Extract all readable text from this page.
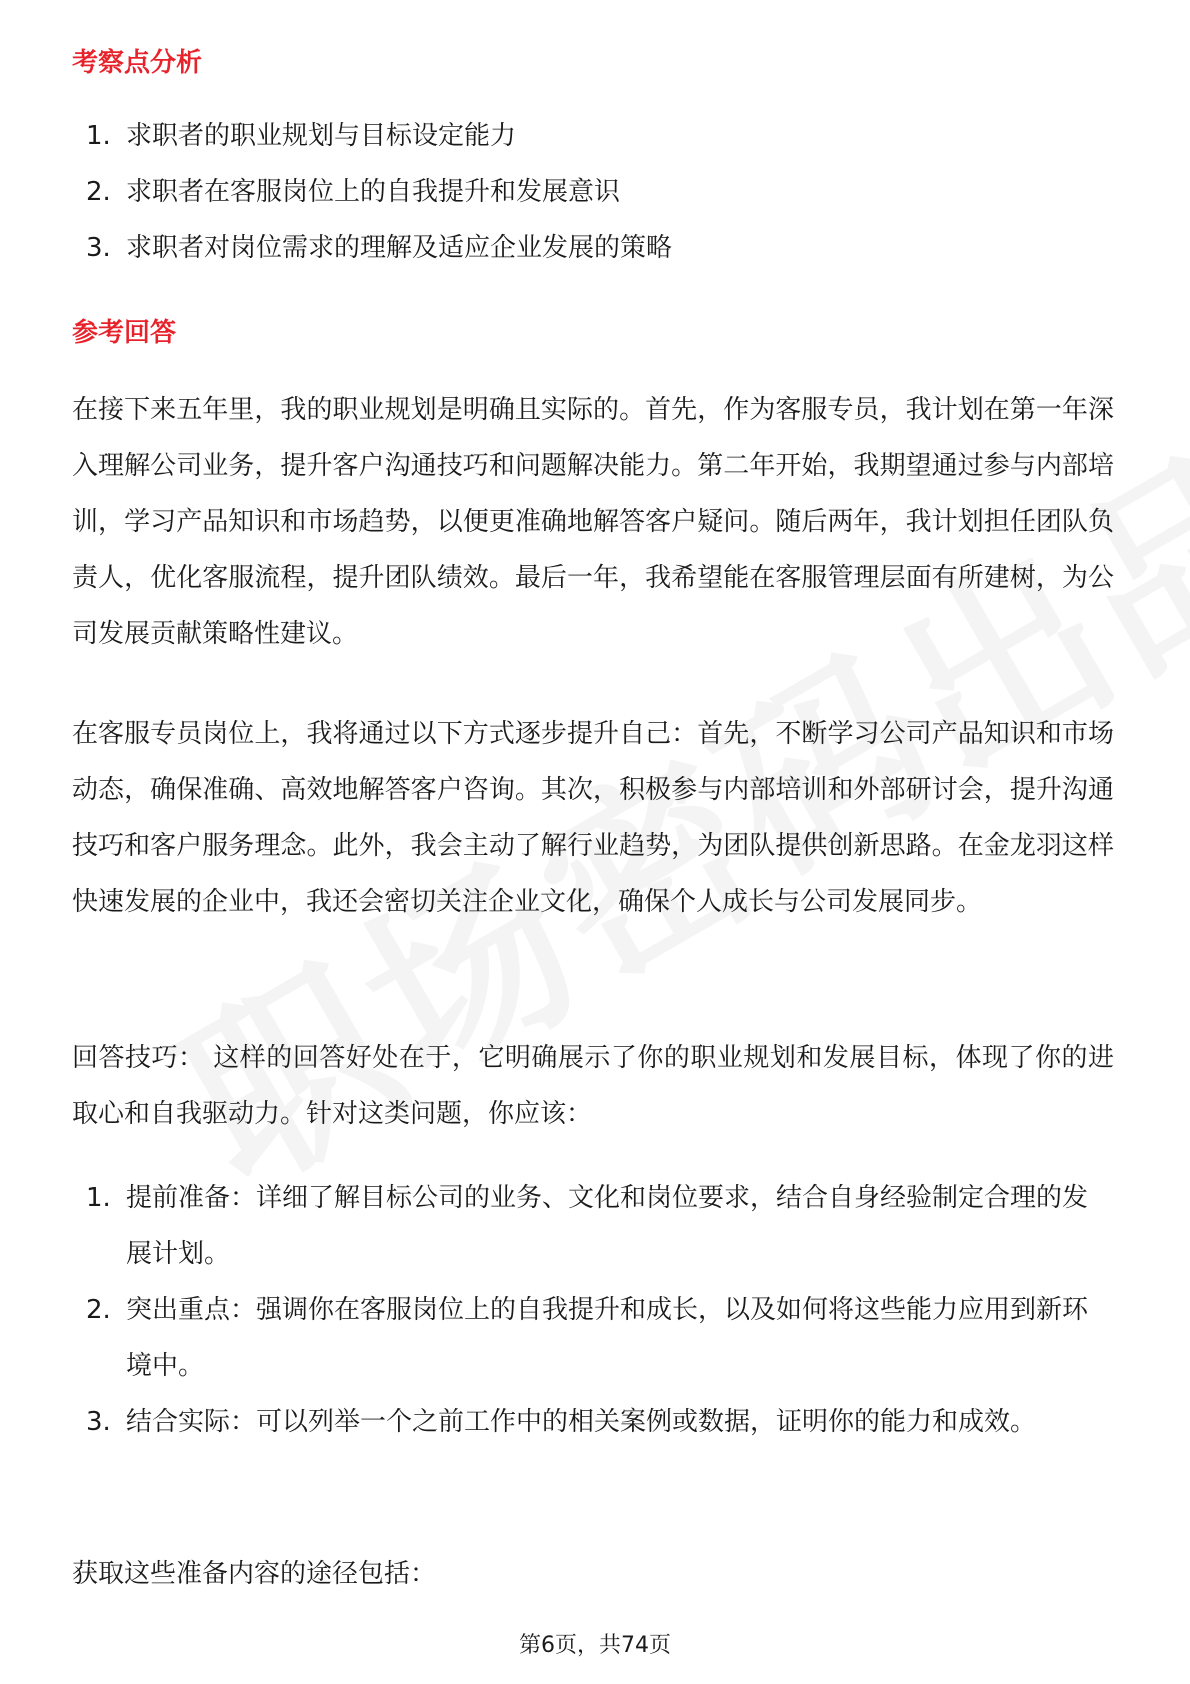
考察点分析
1. 求职者的职业规划与目标设定能力
2. 求职者在客服岗位上的自我提升和发展意识
3. 求职者对岗位需求的理解及适应企业发展的策略
参考回答

在接下来五年里，我的职业规划是明确且实际的。首先，作为客服专员，我计划在第一年深入理解公司业务，提升客户沟通技巧和问题解决能力。第二年开始，我期望通过参与内部培训，学习产品知识和市场趋势，以便更准确地解答客户疑问。随后两年，我计划担任团队负责人，优化客服流程，提升团队绩效。最后一年，我希望能在客服管理层面有所建树，为公司发展贡献策略性建议。

在客服专员岗位上，我将通过以下方式逐步提升自己：首先，不断学习公司产品知识和市场动态，确保准确、高效地解答客户咨询。其次，积极参与内部培训和外部研讨会，提升沟通技巧和客户服务理念。此外，我会主动了解行业趋势，为团队提供创新思路。在金龙羽这样快速发展的企业中，我还会密切关注企业文化，确保个人成长与公司发展同步。

回答技巧： 这样的回答好处在于，它明确展示了你的职业规划和发展目标，体现了你的进取心和自我驱动力。针对这类问题，你应该：

1. 提前准备：详细了解目标公司的业务、文化和岗位要求，结合自身经验制定合理的发展计划。
2. 突出重点：强调你在客服岗位上的自我提升和成长，以及如何将这些能力应用到新环境中。
3. 结合实际：可以列举一个之前工作中的相关案例或数据，证明你的能力和成效。

获取这些准备内容的途径包括：

第6页，共74页
